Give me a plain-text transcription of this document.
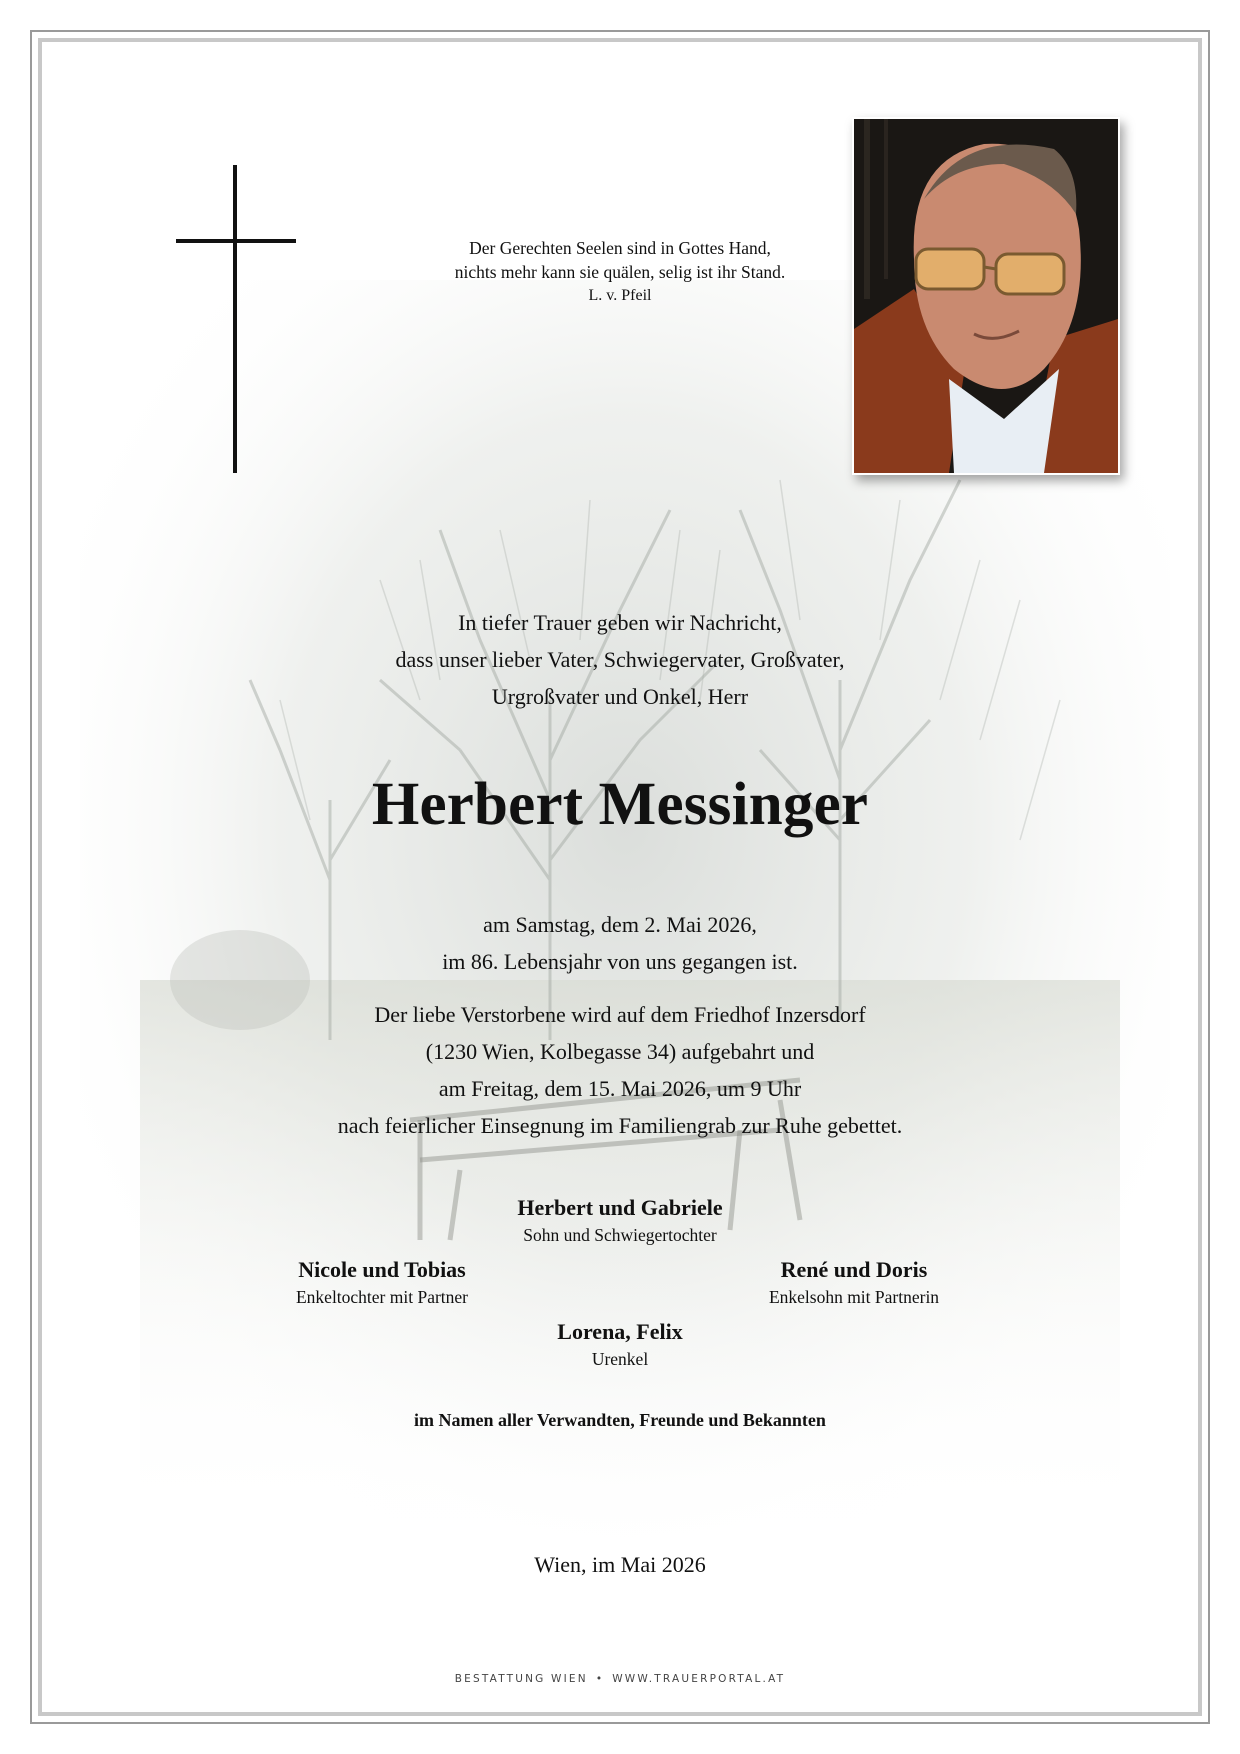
Der Gerechten Seelen sind in Gottes Hand,
nichts mehr kann sie quälen, selig ist ihr Stand.
L. v. Pfeil
In tiefer Trauer geben wir Nachricht,
dass unser lieber Vater, Schwiegervater, Großvater,
Urgroßvater und Onkel, Herr
Herbert Messinger
am Samstag, dem 2. Mai 2026,
im 86. Lebensjahr von uns gegangen ist.
Der liebe Verstorbene wird auf dem Friedhof Inzersdorf
(1230 Wien, Kolbegasse 34) aufgebahrt und
am Freitag, dem 15. Mai 2026, um 9 Uhr
nach feierlicher Einsegnung im Familiengrab zur Ruhe gebettet.
Herbert und Gabriele
Sohn und Schwiegertochter
Nicole und Tobias
Enkeltochter mit Partner
René und Doris
Enkelsohn mit Partnerin
Lorena, Felix
Urenkel
im Namen aller Verwandten, Freunde und Bekannten
Wien, im Mai 2026
BESTATTUNG WIEN • WWW.TRAUERPORTAL.AT
